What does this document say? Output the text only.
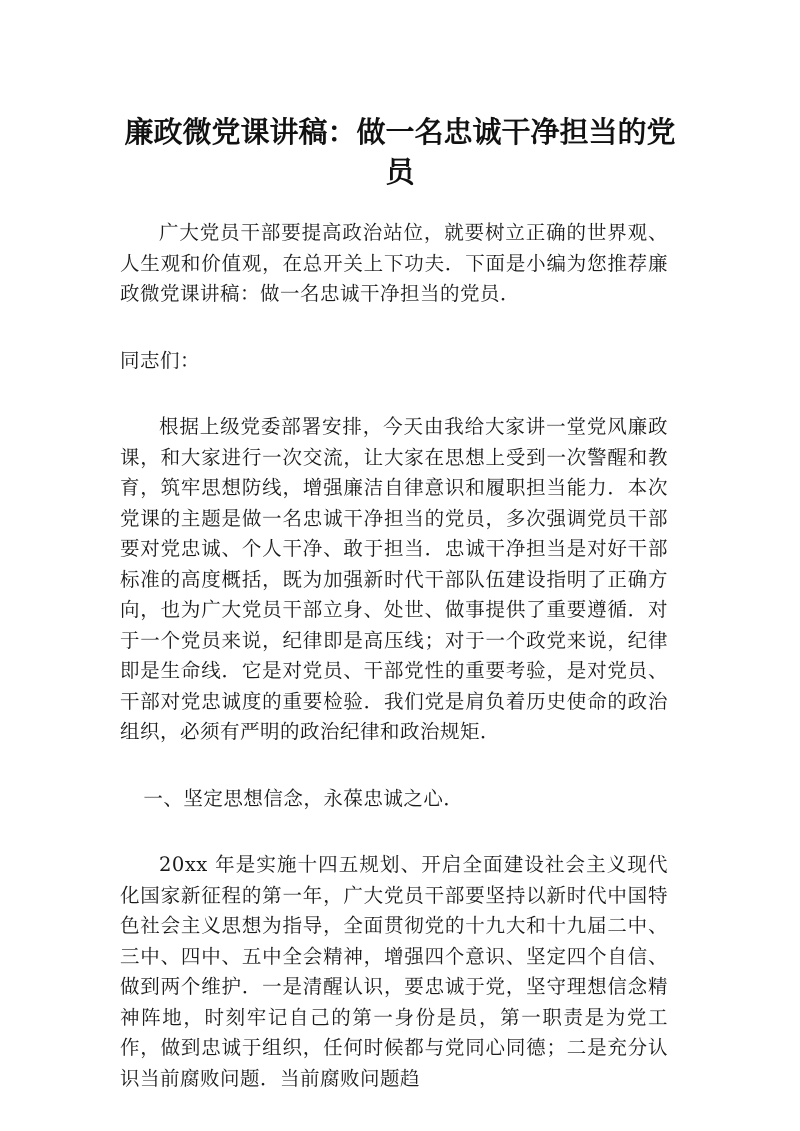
廉政微党课讲稿：做一名忠诚干净担当的党员

广大党员干部要提高政治站位，就要树立正确的世界观、人生观和价值观，在总开关上下功夫．下面是小编为您推荐廉政微党课讲稿：做一名忠诚干净担当的党员．

同志们：

根据上级党委部署安排，今天由我给大家讲一堂党风廉政课，和大家进行一次交流，让大家在思想上受到一次警醒和教育，筑牢思想防线，增强廉洁自律意识和履职担当能力．本次党课的主题是做一名忠诚干净担当的党员，多次强调党员干部要对党忠诚、个人干净、敢于担当．忠诚干净担当是对好干部标准的高度概括，既为加强新时代干部队伍建设指明了正确方向，也为广大党员干部立身、处世、做事提供了重要遵循．对于一个党员来说，纪律即是高压线；对于一个政党来说，纪律即是生命线．它是对党员、干部党性的重要考验，是对党员、干部对党忠诚度的重要检验．我们党是肩负着历史使命的政治组织，必须有严明的政治纪律和政治规矩．

一、坚定思想信念，永葆忠诚之心．

20xx 年是实施十四五规划、开启全面建设社会主义现代化国家新征程的第一年，广大党员干部要坚持以新时代中国特色社会主义思想为指导，全面贯彻党的十九大和十九届二中、三中、四中、五中全会精神，增强四个意识、坚定四个自信、做到两个维护．一是清醒认识，要忠诚于党，坚守理想信念精神阵地，时刻牢记自己的第一身份是员，第一职责是为党工作，做到忠诚于组织，任何时候都与党同心同德；二是充分认识当前腐败问题．当前腐败问题趋
